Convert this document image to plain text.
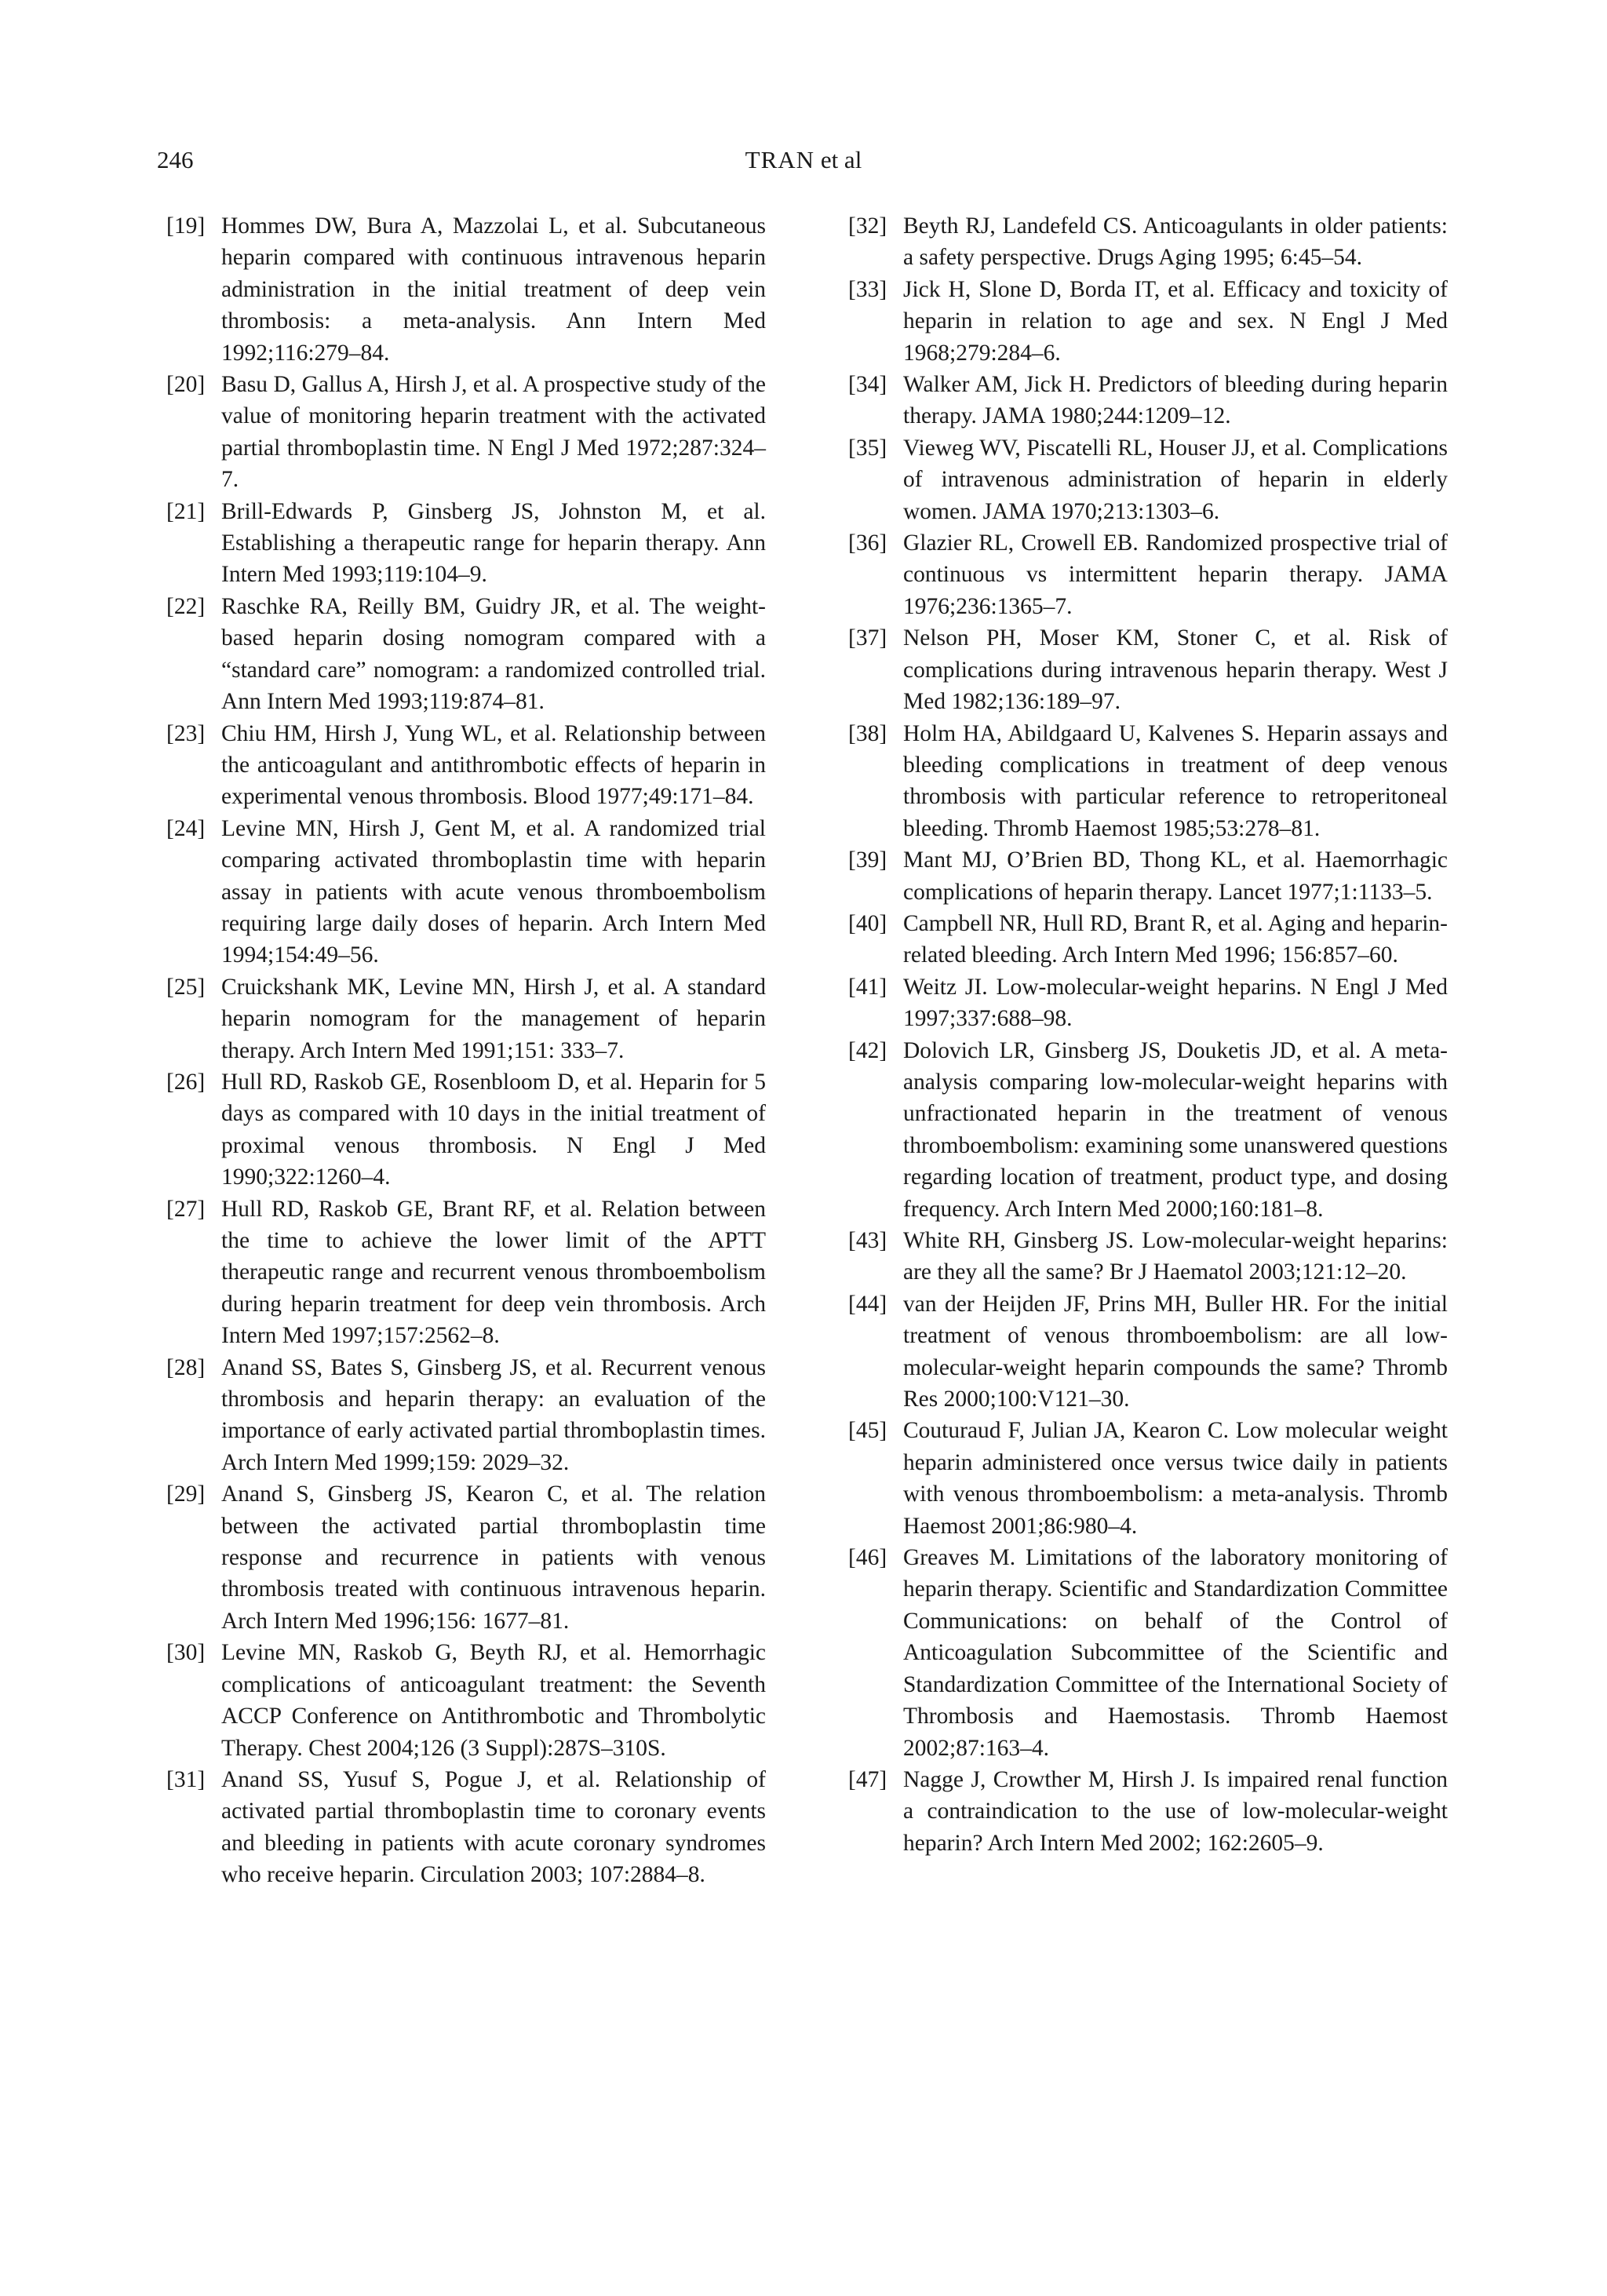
246	TRAN et al

[19] Hommes DW, Bura A, Mazzolai L, et al. Subcutaneous heparin compared with continuous intravenous heparin administration in the initial treatment of deep vein thrombosis: a meta-analysis. Ann Intern Med 1992;116:279–84.

[20] Basu D, Gallus A, Hirsh J, et al. A prospective study of the value of monitoring heparin treatment with the activated partial thromboplastin time. N Engl J Med 1972;287:324–7.

[21] Brill-Edwards P, Ginsberg JS, Johnston M, et al. Establishing a therapeutic range for heparin therapy. Ann Intern Med 1993;119:104–9.

[22] Raschke RA, Reilly BM, Guidry JR, et al. The weight-based heparin dosing nomogram compared with a “standard care” nomogram: a randomized controlled trial. Ann Intern Med 1993;119:874–81.

[23] Chiu HM, Hirsh J, Yung WL, et al. Relationship between the anticoagulant and antithrombotic effects of heparin in experimental venous thrombosis. Blood 1977;49:171–84.

[24] Levine MN, Hirsh J, Gent M, et al. A randomized trial comparing activated thromboplastin time with heparin assay in patients with acute venous thromboembolism requiring large daily doses of heparin. Arch Intern Med 1994;154:49–56.

[25] Cruickshank MK, Levine MN, Hirsh J, et al. A standard heparin nomogram for the management of heparin therapy. Arch Intern Med 1991;151: 333–7.

[26] Hull RD, Raskob GE, Rosenbloom D, et al. Heparin for 5 days as compared with 10 days in the initial treatment of proximal venous thrombosis. N Engl J Med 1990;322:1260–4.

[27] Hull RD, Raskob GE, Brant RF, et al. Relation between the time to achieve the lower limit of the APTT therapeutic range and recurrent venous thromboembolism during heparin treatment for deep vein thrombosis. Arch Intern Med 1997;157:2562–8.

[28] Anand SS, Bates S, Ginsberg JS, et al. Recurrent venous thrombosis and heparin therapy: an evaluation of the importance of early activated partial thromboplastin times. Arch Intern Med 1999;159: 2029–32.

[29] Anand S, Ginsberg JS, Kearon C, et al. The relation between the activated partial thromboplastin time response and recurrence in patients with venous thrombosis treated with continuous intravenous heparin. Arch Intern Med 1996;156: 1677–81.

[30] Levine MN, Raskob G, Beyth RJ, et al. Hemorrhagic complications of anticoagulant treatment: the Seventh ACCP Conference on Antithrombotic and Thrombolytic Therapy. Chest 2004;126 (3 Suppl):287S–310S.

[31] Anand SS, Yusuf S, Pogue J, et al. Relationship of activated partial thromboplastin time to coronary events and bleeding in patients with acute coronary syndromes who receive heparin. Circulation 2003; 107:2884–8.

[32] Beyth RJ, Landefeld CS. Anticoagulants in older patients: a safety perspective. Drugs Aging 1995; 6:45–54.

[33] Jick H, Slone D, Borda IT, et al. Efficacy and toxicity of heparin in relation to age and sex. N Engl J Med 1968;279:284–6.

[34] Walker AM, Jick H. Predictors of bleeding during heparin therapy. JAMA 1980;244:1209–12.

[35] Vieweg WV, Piscatelli RL, Houser JJ, et al. Complications of intravenous administration of heparin in elderly women. JAMA 1970;213:1303–6.

[36] Glazier RL, Crowell EB. Randomized prospective trial of continuous vs intermittent heparin therapy. JAMA 1976;236:1365–7.

[37] Nelson PH, Moser KM, Stoner C, et al. Risk of complications during intravenous heparin therapy. West J Med 1982;136:189–97.

[38] Holm HA, Abildgaard U, Kalvenes S. Heparin assays and bleeding complications in treatment of deep venous thrombosis with particular reference to retroperitoneal bleeding. Thromb Haemost 1985;53:278–81.

[39] Mant MJ, O’Brien BD, Thong KL, et al. Haemorrhagic complications of heparin therapy. Lancet 1977;1:1133–5.

[40] Campbell NR, Hull RD, Brant R, et al. Aging and heparin-related bleeding. Arch Intern Med 1996; 156:857–60.

[41] Weitz JI. Low-molecular-weight heparins. N Engl J Med 1997;337:688–98.

[42] Dolovich LR, Ginsberg JS, Douketis JD, et al. A meta-analysis comparing low-molecular-weight heparins with unfractionated heparin in the treatment of venous thromboembolism: examining some unanswered questions regarding location of treatment, product type, and dosing frequency. Arch Intern Med 2000;160:181–8.

[43] White RH, Ginsberg JS. Low-molecular-weight heparins: are they all the same? Br J Haematol 2003;121:12–20.

[44] van der Heijden JF, Prins MH, Buller HR. For the initial treatment of venous thromboembolism: are all low-molecular-weight heparin compounds the same? Thromb Res 2000;100:V121–30.

[45] Couturaud F, Julian JA, Kearon C. Low molecular weight heparin administered once versus twice daily in patients with venous thromboembolism: a meta-analysis. Thromb Haemost 2001;86:980–4.

[46] Greaves M. Limitations of the laboratory monitoring of heparin therapy. Scientific and Standardization Committee Communications: on behalf of the Control of Anticoagulation Subcommittee of the Scientific and Standardization Committee of the International Society of Thrombosis and Haemostasis. Thromb Haemost 2002;87:163–4.

[47] Nagge J, Crowther M, Hirsh J. Is impaired renal function a contraindication to the use of low-molecular-weight heparin? Arch Intern Med 2002; 162:2605–9.
